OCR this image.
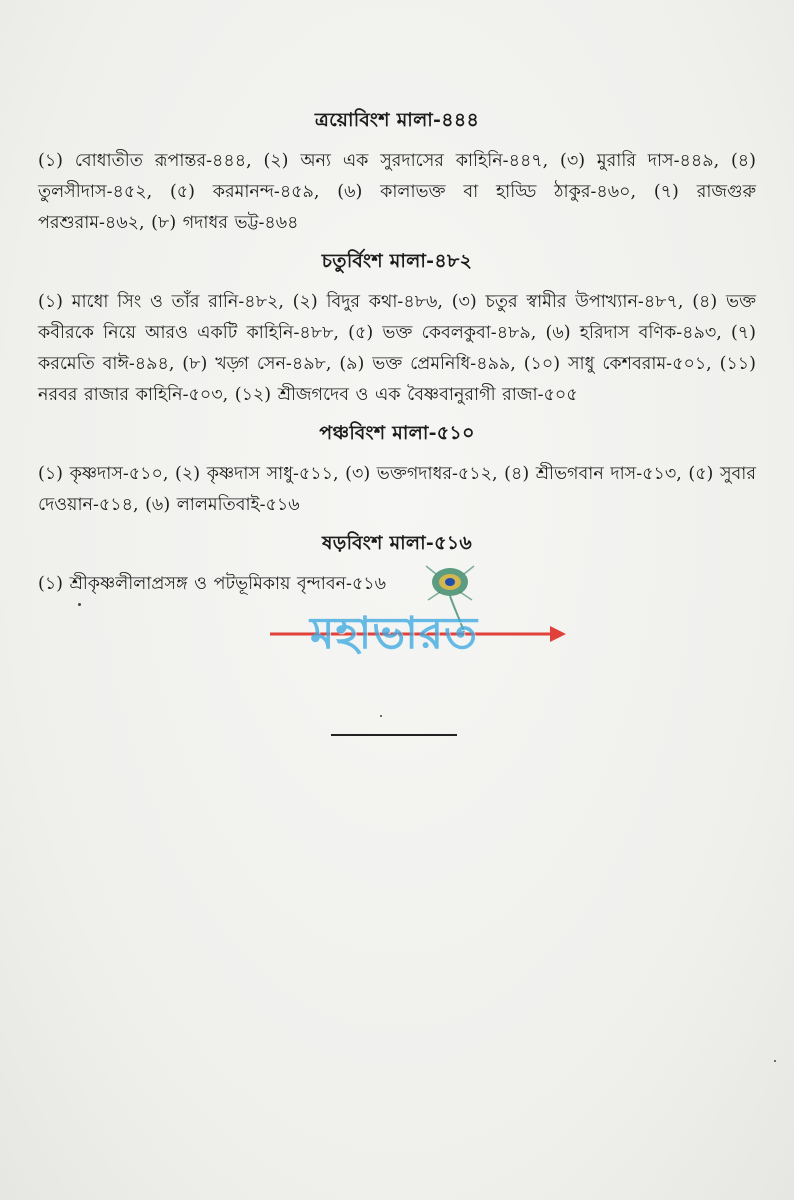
ত্রয়োবিংশ মালা-৪৪৪
(১) বোধাতীত রূপান্তর-৪৪৪, (২) অন্য এক সুরদাসের কাহিনি-৪৪৭, (৩) মুরারি দাস-৪৪৯, (৪) তুলসীদাস-৪৫২, (৫) করমানন্দ-৪৫৯, (৬) কালাভক্ত বা হাড্ডি ঠাকুর-৪৬০, (৭) রাজগুরু পরশুরাম-৪৬২, (৮) গদাধর ভট্ট-৪৬৪
চতুর্বিংশ মালা-৪৮২
(১) মাধো সিং ও তাঁর রানি-৪৮২, (২) বিদুর কথা-৪৮৬, (৩) চতুর স্বামীর উপাখ্যান-৪৮৭, (৪) ভক্ত কবীরকে নিয়ে আরও একটি কাহিনি-৪৮৮, (৫) ভক্ত কেবলকুবা-৪৮৯, (৬) হরিদাস বণিক-৪৯৩, (৭) করমেতি বাঈ-৪৯৪, (৮) খড়্গ সেন-৪৯৮, (৯) ভক্ত প্রেমনিধি-৪৯৯, (১০) সাধু কেশবরাম-৫০১, (১১) নরবর রাজার কাহিনি-৫০৩, (১২) শ্রীজগদেব ও এক বৈষ্ণবানুরাগী রাজা-৫০৫
পঞ্চবিংশ মালা-৫১০
(১) কৃষ্ণদাস-৫১০, (২) কৃষ্ণদাস সাধু-৫১১, (৩) ভক্তগদাধর-৫১২, (৪) শ্রীভগবান দাস-৫১৩, (৫) সুবার দেওয়ান-৫১৪, (৬) লালমতিবাই-৫১৬
ষড়বিংশ মালা-৫১৬
(১) শ্রীকৃষ্ণলীলাপ্রসঙ্গ ও পটভূমিকায় বৃন্দাবন-৫১৬
মহাভারত
